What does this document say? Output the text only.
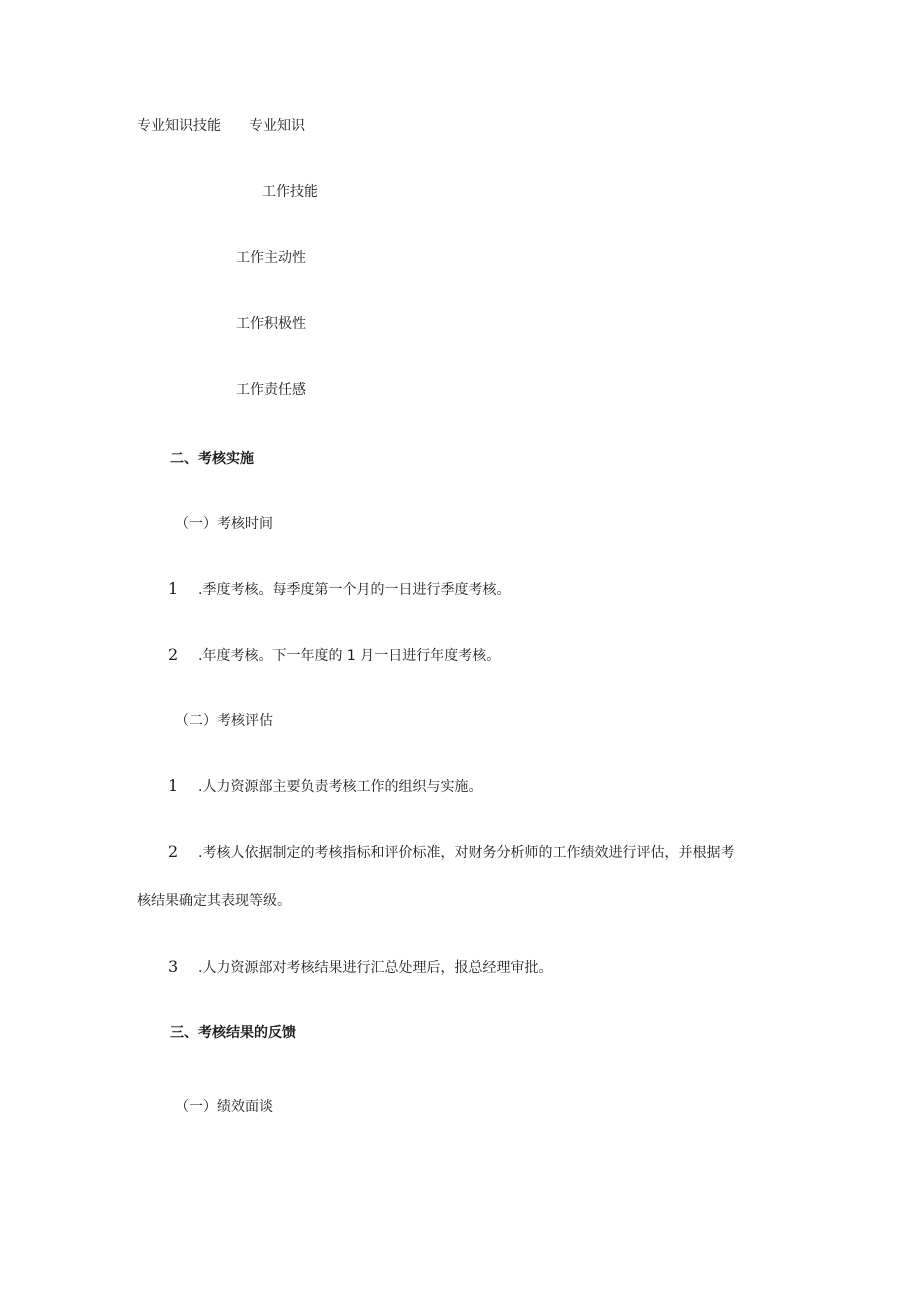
专业知识技能 专业知识
工作技能
工作主动性
工作积极性
工作责任感
二、考核实施
（一）考核时间
1 .季度考核。每季度第一个月的一日进行季度考核。
2 .年度考核。下一年度的 1 月一日进行年度考核。
（二）考核评估
1 .人力资源部主要负责考核工作的组织与实施。
2 .考核人依据制定的考核指标和评价标准，对财务分析师的工作绩效进行评估，并根据考
核结果确定其表现等级。
3 .人力资源部对考核结果进行汇总处理后，报总经理审批。
三、考核结果的反馈
（一）绩效面谈
